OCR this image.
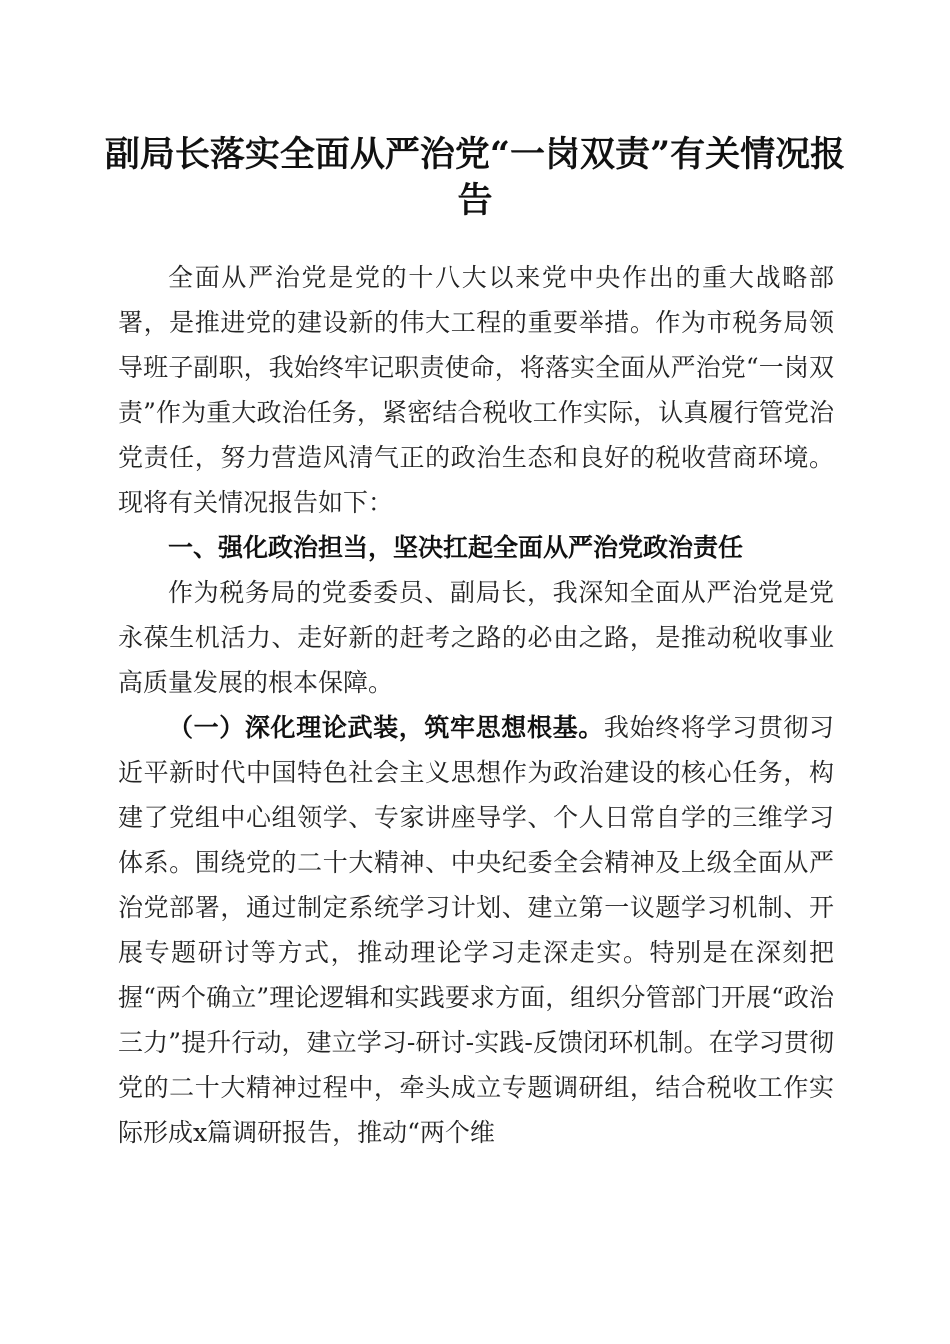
副局长落实全面从严治党“一岗双责”有关情况报告

全面从严治党是党的十八大以来党中央作出的重大战略部署，是推进党的建设新的伟大工程的重要举措。作为市税务局领导班子副职，我始终牢记职责使命，将落实全面从严治党“一岗双责”作为重大政治任务，紧密结合税收工作实际，认真履行管党治党责任，努力营造风清气正的政治生态和良好的税收营商环境。现将有关情况报告如下：

一、强化政治担当，坚决扛起全面从严治党政治责任

作为税务局的党委委员、副局长，我深知全面从严治党是党永葆生机活力、走好新的赶考之路的必由之路，是推动税收事业高质量发展的根本保障。

（一）深化理论武装，筑牢思想根基。我始终将学习贯彻习近平新时代中国特色社会主义思想作为政治建设的核心任务，构建了党组中心组领学、专家讲座导学、个人日常自学的三维学习体系。围绕党的二十大精神、中央纪委全会精神及上级全面从严治党部署，通过制定系统学习计划、建立第一议题学习机制、开展专题研讨等方式，推动理论学习走深走实。特别是在深刻把握“两个确立”理论逻辑和实践要求方面，组织分管部门开展“政治三力”提升行动，建立学习-研讨-实践-反馈闭环机制。在学习贯彻党的二十大精神过程中，牵头成立专题调研组，结合税收工作实际形成x篇调研报告，推动“两个维
